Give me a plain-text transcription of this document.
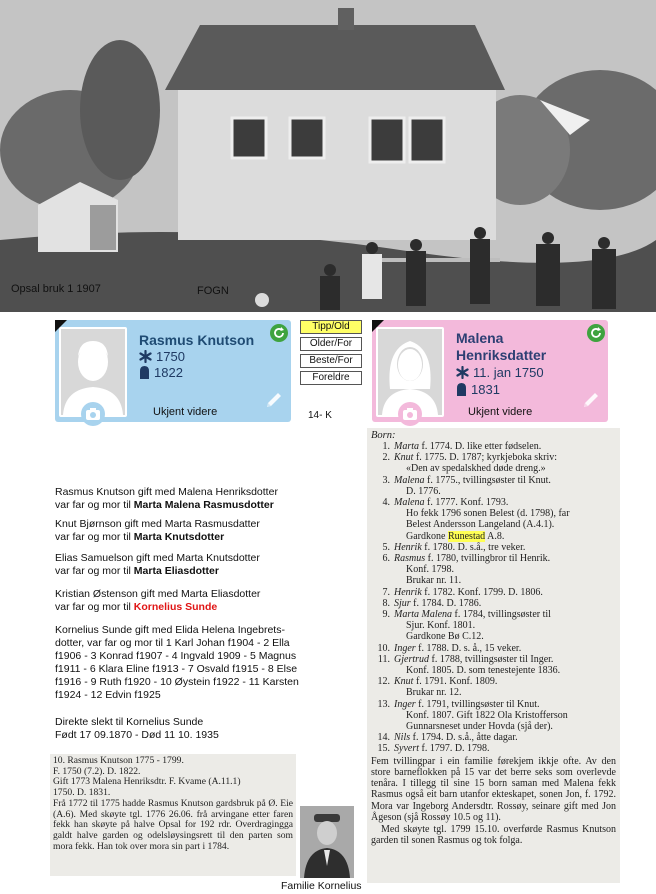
Opsal bruk 1 1907	FOGN
Rasmus Knutson
1750
1822
Ukjent videre
Tipp/Old
Older/For
Beste/For
Foreldre
14- K
Malena
Henriksdatter
11. jan 1750
1831
Ukjent videre
Rasmus Knutson gift med Malena Henriksdotter
var far og mor til Marta Malena Rasmusdotter
Knut Bjørnson gift med Marta Rasmusdatter
var far og mor til Marta Knutsdotter
Elias Samuelson gift med Marta Knutsdotter
var far og mor til Marta Eliasdotter
Kristian Østenson gift med Marta Eliasdotter
var far og mor til Kornelius Sunde
Kornelius Sunde gift med Elida Helena Ingebrets-
dotter, var far og mor til 1 Karl Johan f1904 - 2 Ella
f1906 - 3 Konrad f1907 - 4 Ingvald 1909 - 5 Magnus
f1911 - 6 Klara Eline f1913 - 7 Osvald f1915 - 8 Else
f1916 - 9 Ruth f1920 - 10 Øystein f1922 - 11 Karsten
f1924 - 12 Edvin f1925
Direkte slekt til Kornelius Sunde
Født 17 09.1870 - Død 11 10. 1935
Born:
1. Marta f. 1774. D. like etter fødselen.
2. Knut f. 1775. D. 1787; kyrkjeboka skriv:
«Den av spedalskhed døde dreng.»
3. Malena f. 1775., tvillingsøster til Knut.
D. 1776.
4. Malena f. 1777. Konf. 1793.
Ho fekk 1796 sonen Belest (d. 1798), far
Belest Andersson Langeland (A.4.1).
Gardkone Runestad A.8.
5. Henrik f. 1780. D. s.å., tre veker.
6. Rasmus f. 1780, tvillingbror til Henrik.
Konf. 1798.
Brukar nr. 11.
7. Henrik f. 1782. Konf. 1799. D. 1806.
8. Sjur f. 1784. D. 1786.
9. Marta Malena f. 1784, tvillingsøster til
Sjur. Konf. 1801.
Gardkone Bø C.12.
10. Inger f. 1788. D. s. å., 15 veker.
11. Gjertrud f. 1788, tvillingsøster til Inger.
Konf. 1805. D. som tenestejente 1836.
12. Knut f. 1791. Konf. 1809.
Brukar nr. 12.
13. Inger f. 1791, tvillingsøster til Knut.
Konf. 1807. Gift 1822 Ola Kristofferson
Gunnarsneset under Hovda (sjå der).
14. Nils f. 1794. D. s.å., åtte dagar.
15. Syvert f. 1797. D. 1798.
Fem tvillingpar i ein familie førekjem ikkje ofte. Av den store barneflokken på 15 var det berre seks som overlevde tenåra. I tillegg til sine 15 born saman med Malena fekk Rasmus også eit barn utanfor ekteskapet, sonen Jon, f. 1792. Mora var Ingeborg Andersdtr. Rossøy, seinare gift med Jon Ågeson (sjå Rossøy 10.5 og 11).
Med skøyte tgl. 1799 15.10. overførde Rasmus Knutson garden til sonen Rasmus og tok folga.

10. Rasmus Knutson 1775 - 1799.

F. 1750 (7.2). D. 1822.

Gift 1773 Malena Henriksdtr. F. Kvame (A.11.1)

1750. D. 1831.

Frå 1772 til 1775 hadde Rasmus Knutson gardsbruk på Ø. Eie (A.6). Med skøyte tgl. 1776 26.06. frå arvingane etter faren fekk han skøyte på halve Opsal for 192 rdr. Overdragingga galdt halve garden og odelsløysingsrett til den parten som mora fekk. Han tok over mora sin part i 1784.

Familie Kornelius
